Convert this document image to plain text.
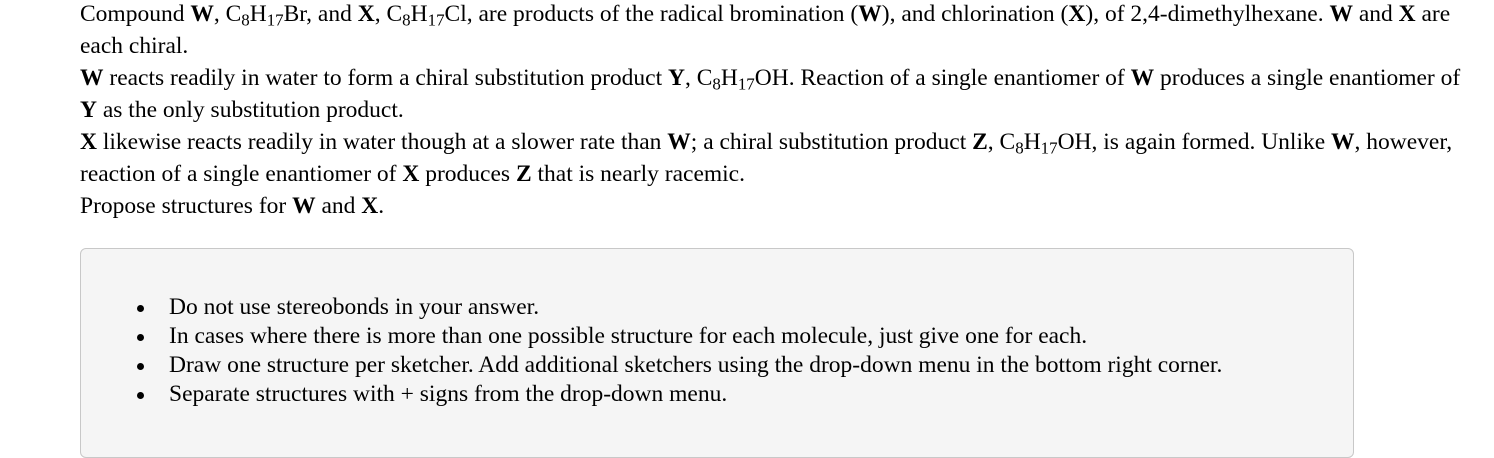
Compound W, $C_8H_{17}Br$, and X, $C_8H_{17}Cl$, are products of the radical bromination (W), and chlorination (X), of 2,4-dimethylhexane. W and X are each chiral.

W reacts readily in water to form a chiral substitution product Y, $C_8H_{17}OH$. Reaction of a single enantiomer of W produces a single enantiomer of Y as the only substitution product.

X likewise reacts readily in water though at a slower rate than W; a chiral substitution product Z, $C_8H_{17}OH$, is again formed. Unlike W, however, reaction of a single enantiomer of X produces Z that is nearly racemic.

Propose structures for W and X.

Do not use stereobonds in your answer.
In cases where there is more than one possible structure for each molecule, just give one for each.
Draw one structure per sketcher. Add additional sketchers using the drop-down menu in the bottom right corner.
Separate structures with + signs from the drop-down menu.
